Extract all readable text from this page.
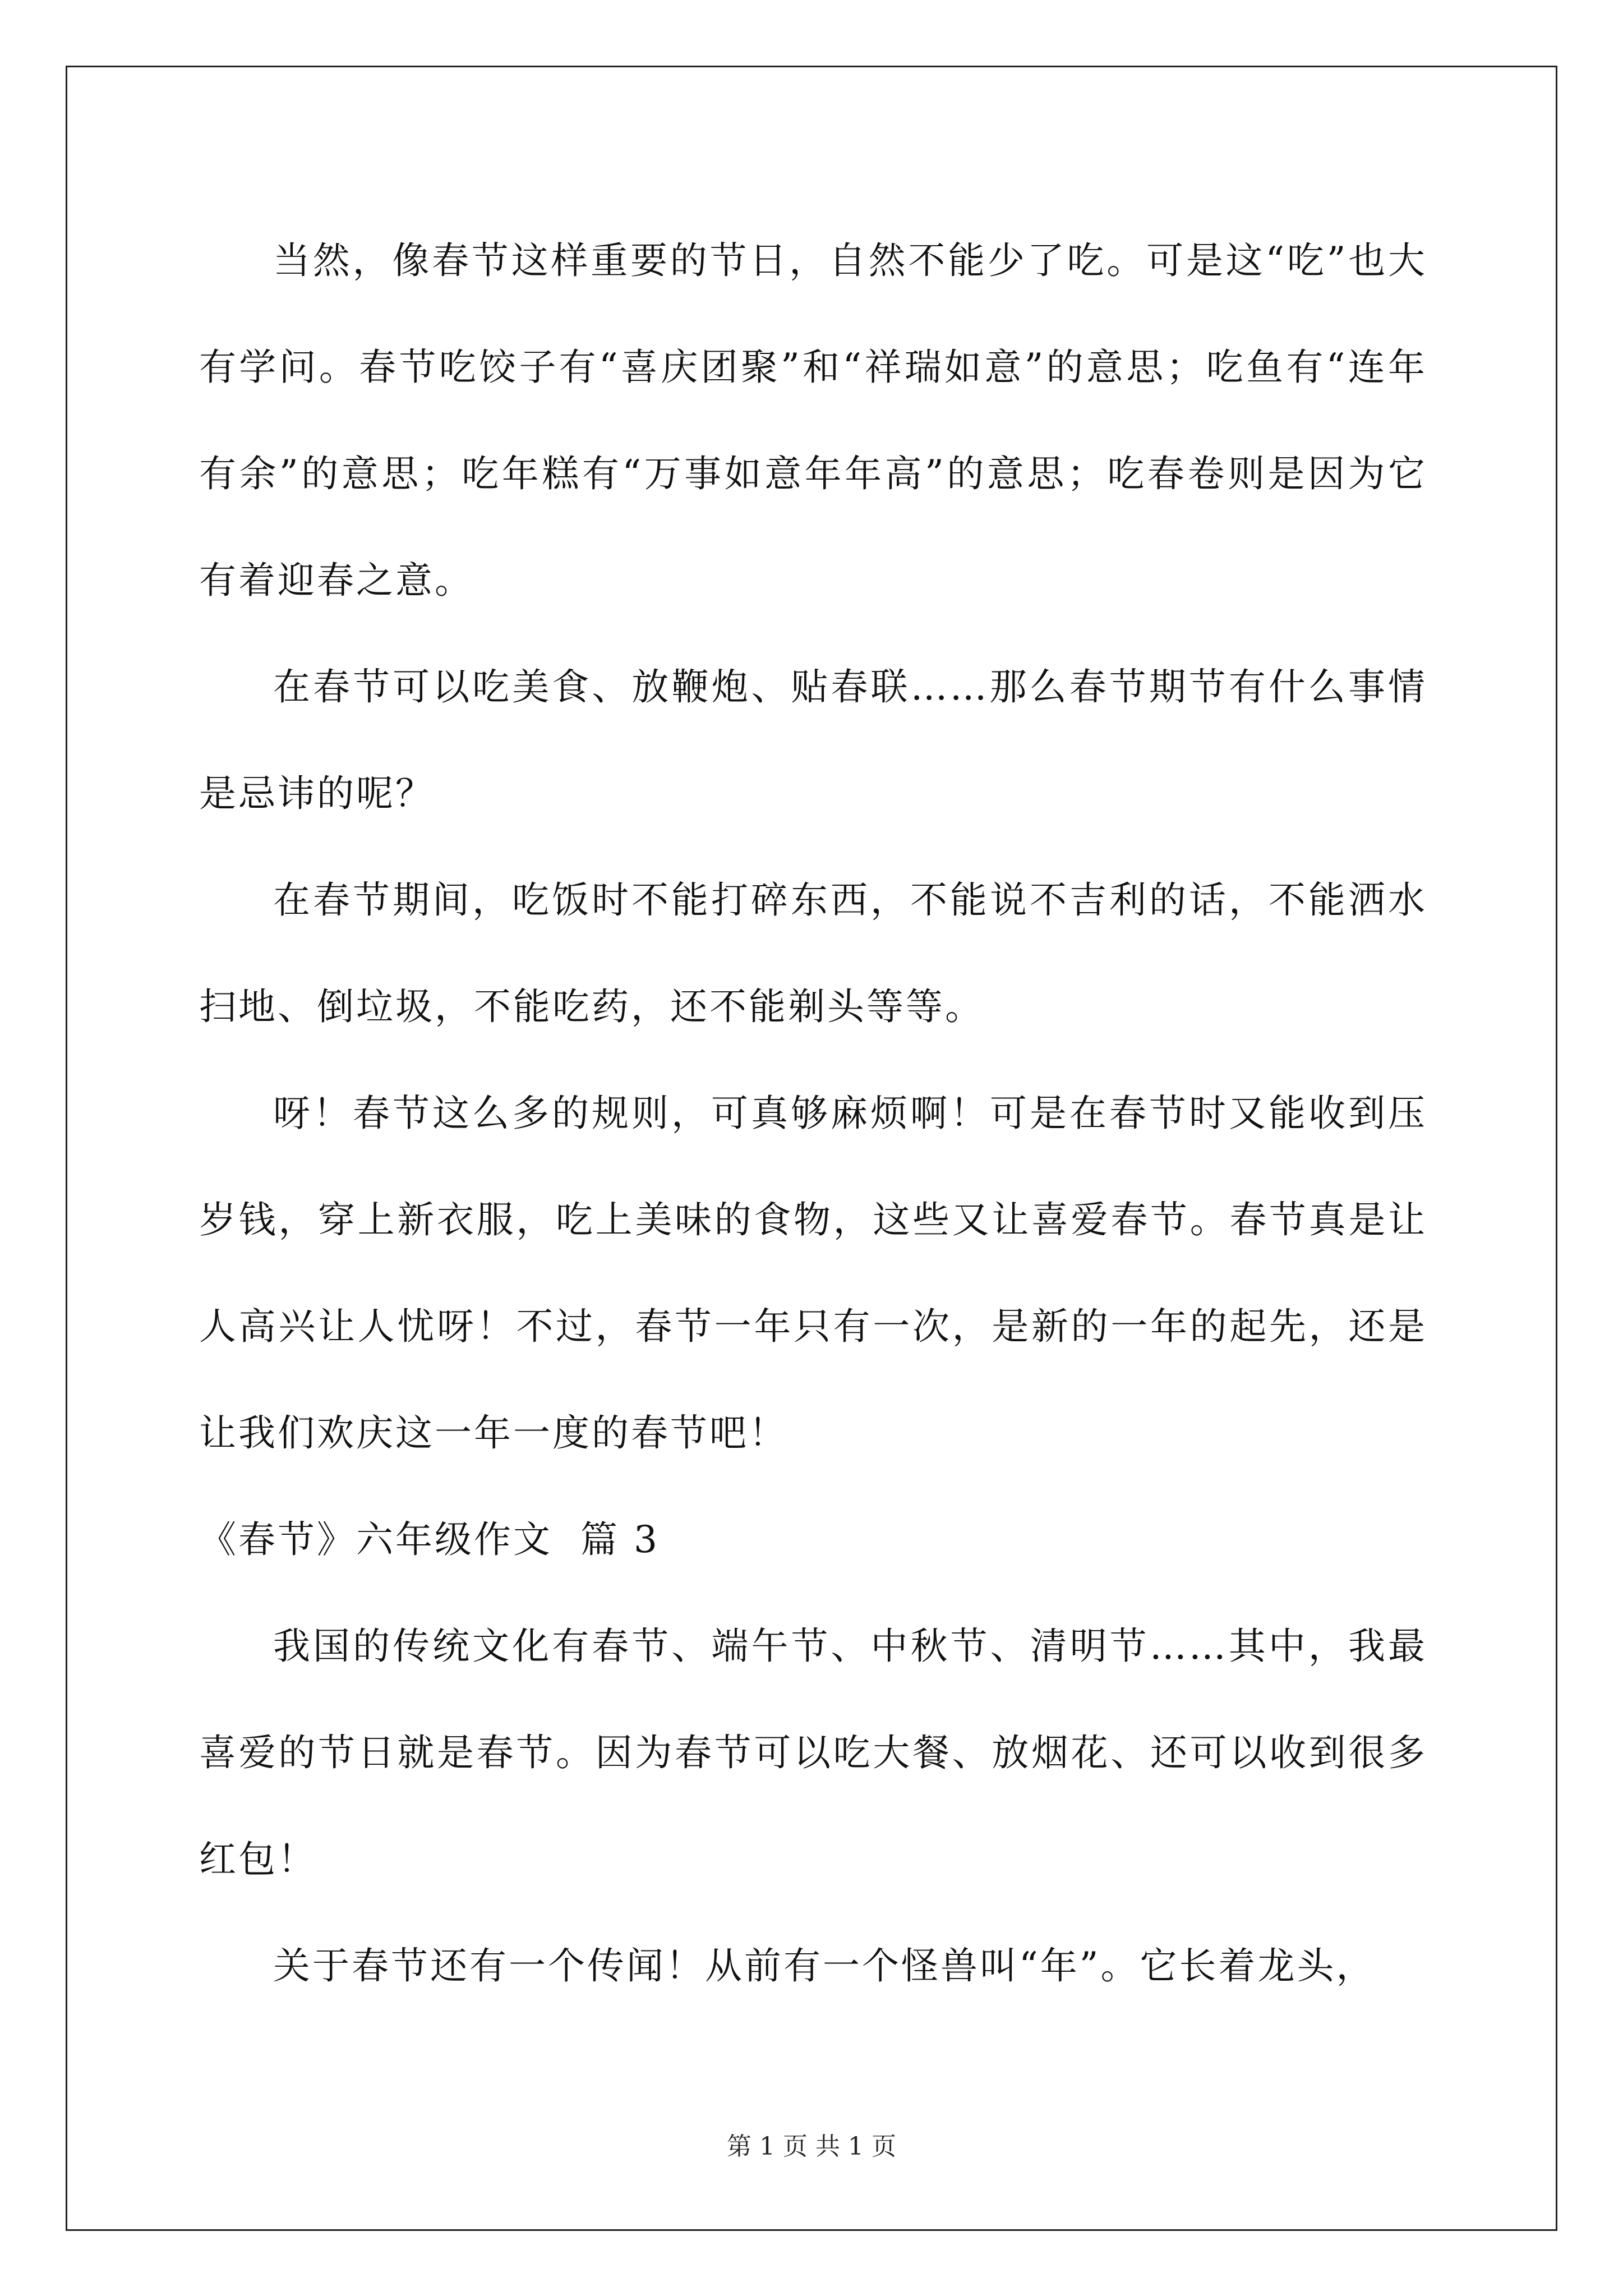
当然，像春节这样重要的节日，自然不能少了吃。可是这“吃”也大有学问。春节吃饺子有“喜庆团聚”和“祥瑞如意”的意思；吃鱼有“连年有余”的意思；吃年糕有“万事如意年年高”的意思；吃春卷则是因为它有着迎春之意。

在春节可以吃美食、放鞭炮、贴春联……那么春节期节有什么事情是忌讳的呢？

在春节期间，吃饭时不能打碎东西，不能说不吉利的话，不能洒水扫地、倒垃圾，不能吃药，还不能剃头等等。

呀！春节这么多的规则，可真够麻烦啊！可是在春节时又能收到压岁钱，穿上新衣服，吃上美味的食物，这些又让喜爱春节。春节真是让人高兴让人忧呀！不过，春节一年只有一次，是新的一年的起先，还是让我们欢庆这一年一度的春节吧！

《春节》六年级作文  篇 3

我国的传统文化有春节、端午节、中秋节、清明节……其中，我最喜爱的节日就是春节。因为春节可以吃大餐、放烟花、还可以收到很多红包！

关于春节还有一个传闻！从前有一个怪兽叫“年”。它长着龙头，

第 1 页 共 1 页
